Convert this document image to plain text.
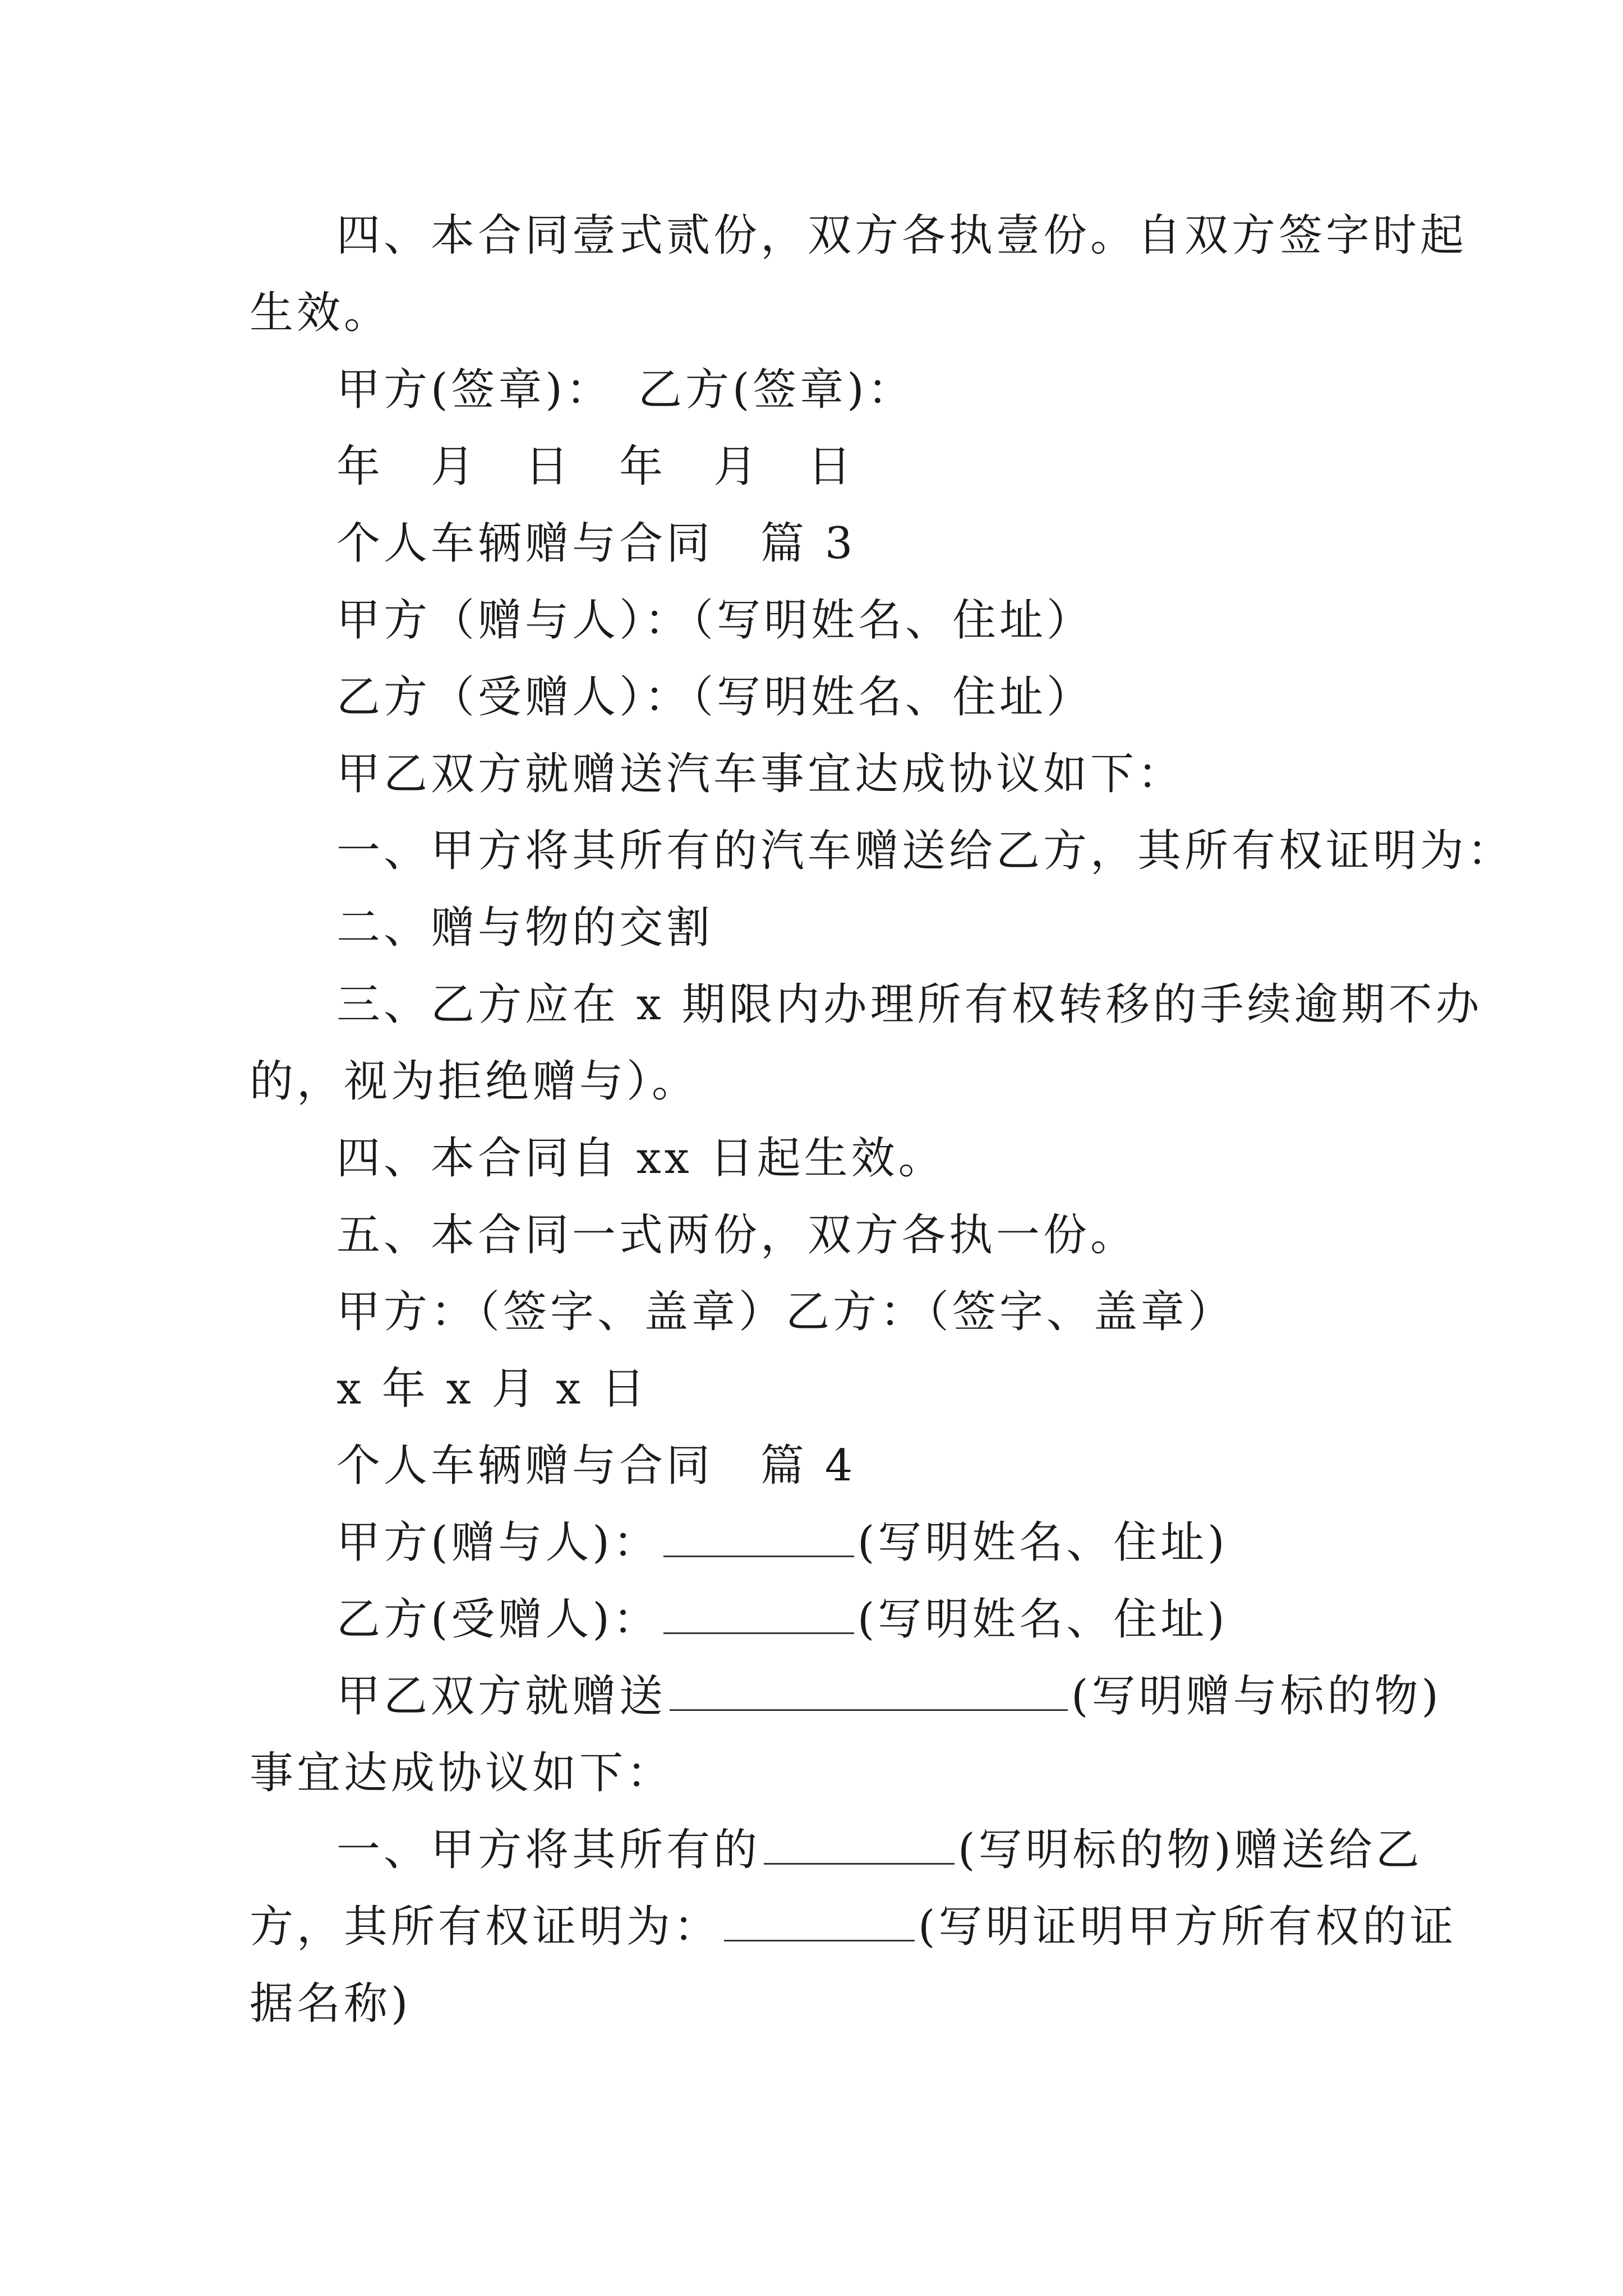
四、本合同壹式贰份，双方各执壹份。自双方签字时起
生效。
甲方(签章)：　乙方(签章)：
年　月　日　年　月　日
个人车辆赠与合同　篇 3
甲方（赠与人）：（写明姓名、住址）
乙方（受赠人）：（写明姓名、住址）
甲乙双方就赠送汽车事宜达成协议如下：
一、甲方将其所有的汽车赠送给乙方，其所有权证明为：
二、赠与物的交割
三、乙方应在 x 期限内办理所有权转移的手续逾期不办
的，视为拒绝赠与）。
四、本合同自 xx 日起生效。
五、本合同一式两份，双方各执一份。
甲方：（签字、盖章）乙方：（签字、盖章）
x 年 x 月 x 日
个人车辆赠与合同　篇 4
甲方(赠与人)：	(写明姓名、住址)
乙方(受赠人)：	(写明姓名、住址)
甲乙双方就赠送	(写明赠与标的物)
事宜达成协议如下：
一、甲方将其所有的	(写明标的物)赠送给乙
方，其所有权证明为：	(写明证明甲方所有权的证
据名称)
